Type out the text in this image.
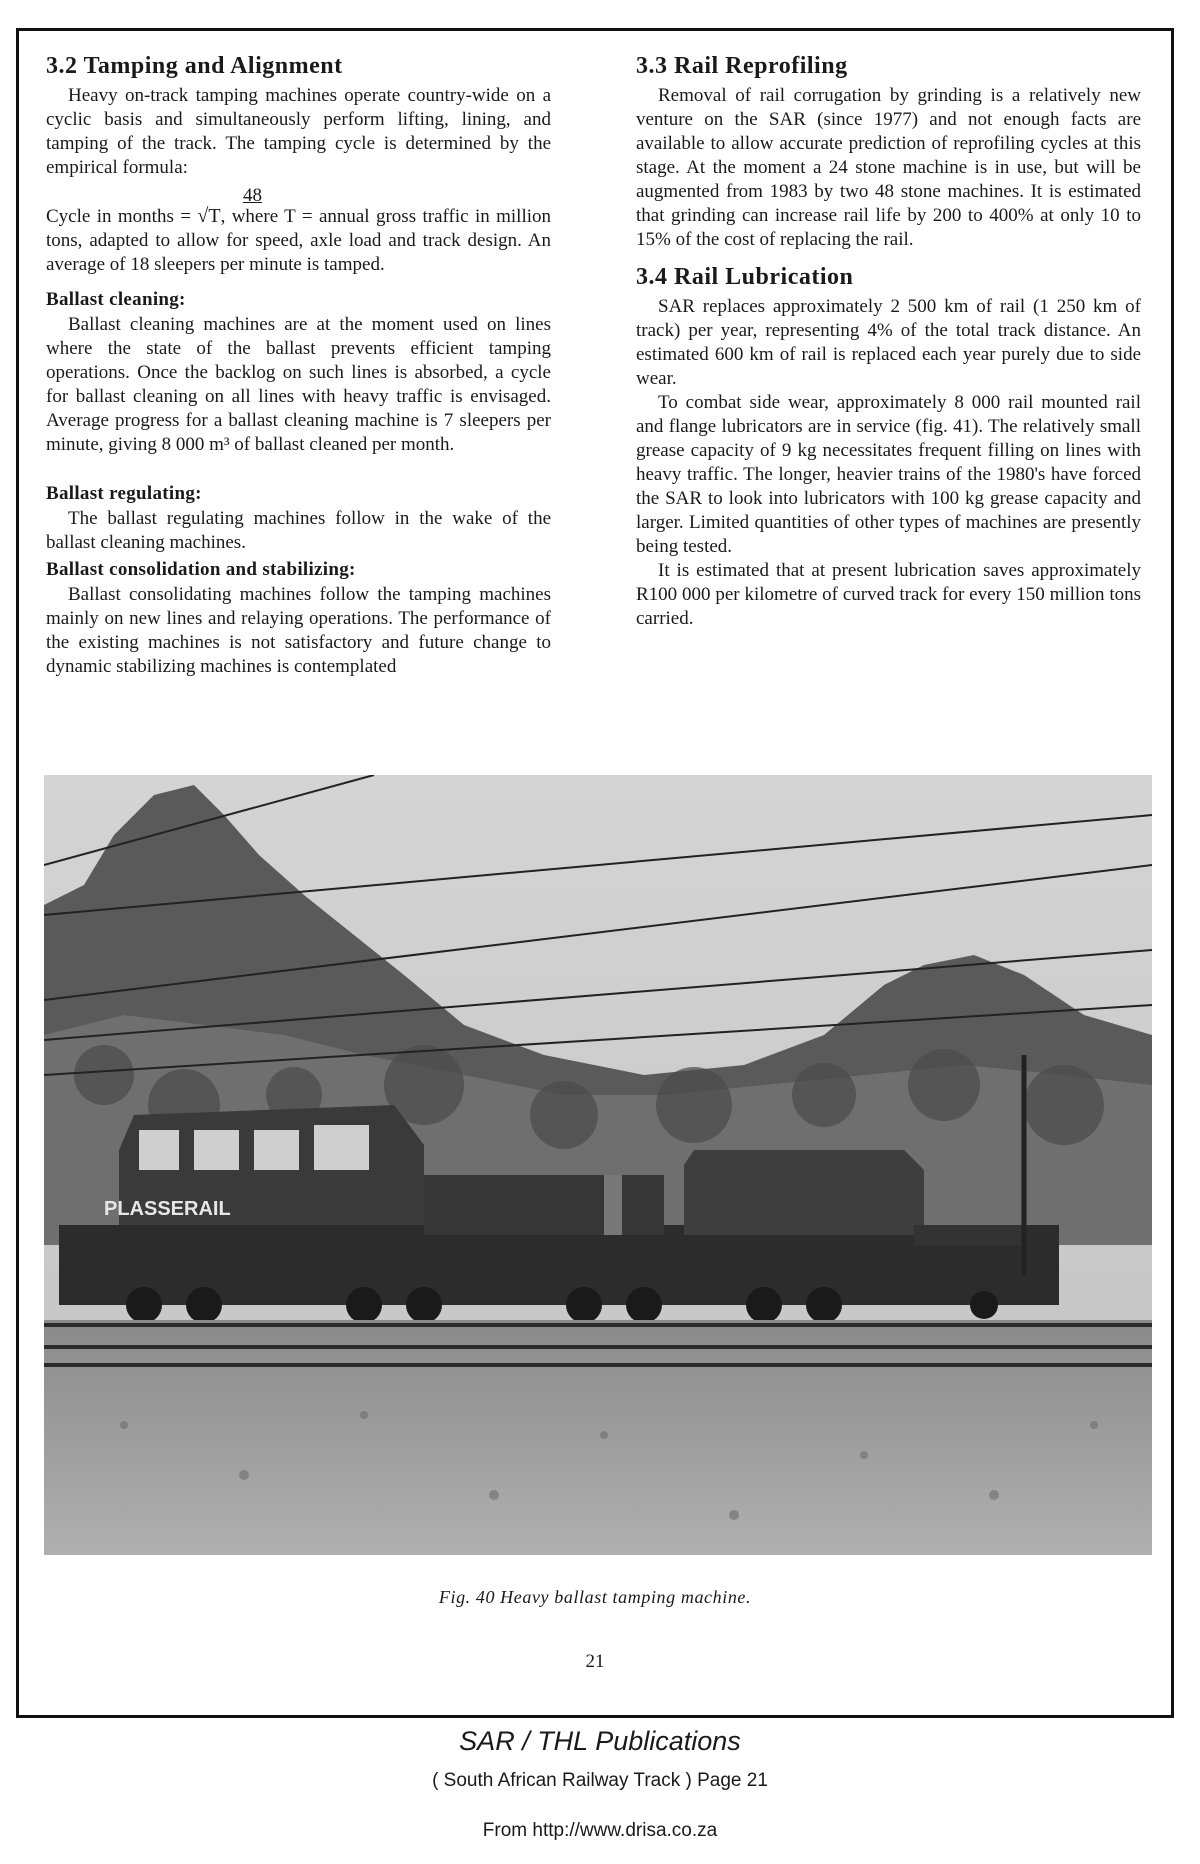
3.2 Tamping and Alignment

Heavy on-track tamping machines operate country-wide on a cyclic basis and simultaneously perform lifting, lining, and tamping of the track. The tamping cycle is determined by the empirical formula:

48
Cycle in months = √T, where T = annual gross traffic in million tons, adapted to allow for speed, axle load and track design. An average of 18 sleepers per minute is tamped.
Ballast cleaning:

Ballast cleaning machines are at the moment used on lines where the state of the ballast prevents efficient tamping operations. Once the backlog on such lines is absorbed, a cycle for ballast cleaning on all lines with heavy traffic is envisaged. Average progress for a ballast cleaning machine is 7 sleepers per minute, giving 8 000 m³ of ballast cleaned per month.

Ballast regulating:

The ballast regulating machines follow in the wake of the ballast cleaning machines.

Ballast consolidation and stabilizing:

Ballast consolidating machines follow the tamping machines mainly on new lines and relaying operations. The performance of the existing machines is not satisfactory and future change to dynamic stabilizing machines is contemplated

3.3 Rail Reprofiling

Removal of rail corrugation by grinding is a relatively new venture on the SAR (since 1977) and not enough facts are available to allow accurate prediction of reprofiling cycles at this stage. At the moment a 24 stone machine is in use, but will be augmented from 1983 by two 48 stone machines. It is estimated that grinding can increase rail life by 200 to 400% at only 10 to 15% of the cost of replacing the rail.

3.4 Rail Lubrication

SAR replaces approximately 2 500 km of rail (1 250 km of track) per year, representing 4% of the total track distance. An estimated 600 km of rail is replaced each year purely due to side wear.

To combat side wear, approximately 8 000 rail mounted rail and flange lubricators are in service (fig. 41). The relatively small grease capacity of 9 kg necessitates frequent filling on lines with heavy traffic. The longer, heavier trains of the 1980's have forced the SAR to look into lubricators with 100 kg grease capacity and larger. Limited quantities of other types of machines are presently being tested.

It is estimated that at present lubrication saves approximately R100 000 per kilometre of curved track for every 150 million tons carried.

PLASSERAIL
Fig. 40 Heavy ballast tamping machine.
21
SAR / THL Publications
( South African Railway Track ) Page 21
From http://www.drisa.co.za
